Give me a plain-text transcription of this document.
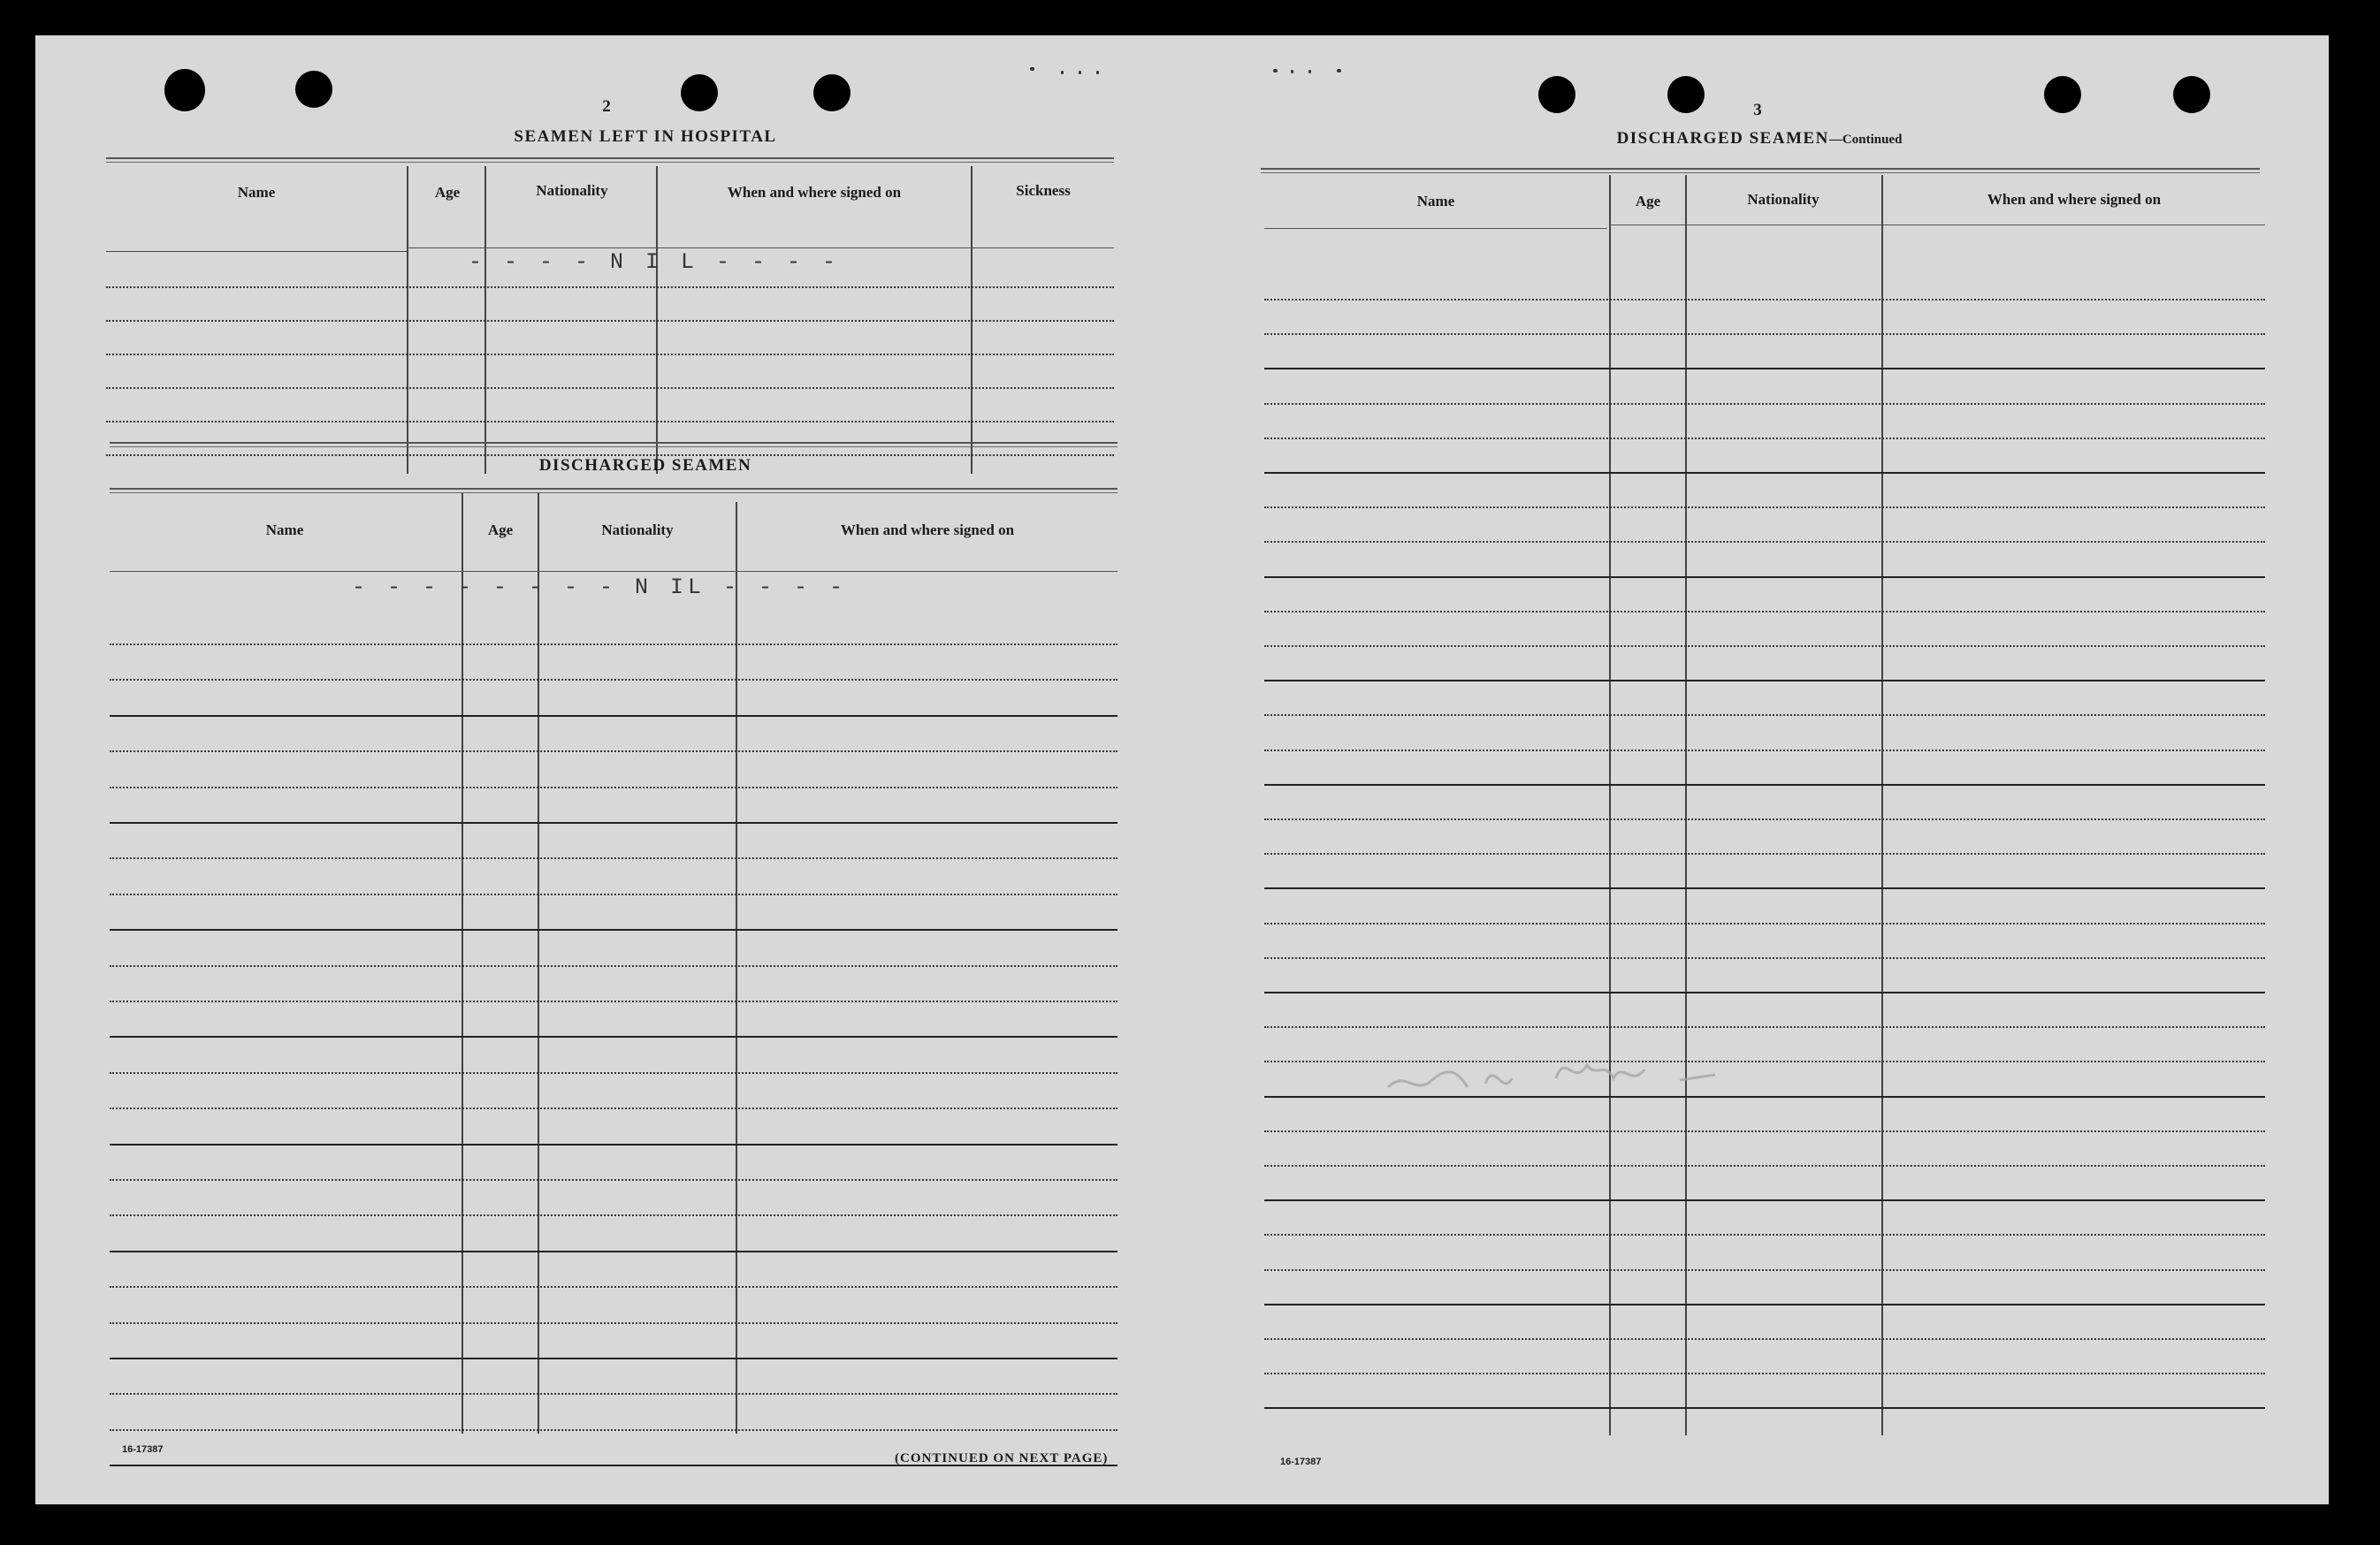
2
SEAMEN LEFT IN HOSPITAL
Name	Age	Nationality	When and where signed on	Sickness
- - - - N I L - - - -
DISCHARGED SEAMEN
Name	Age	Nationality	When and where signed on
- - - - - - - - N IL - - - -
16-17387
(CONTINUED ON NEXT PAGE)
3
DISCHARGED SEAMEN—Continued
Name	Age	Nationality	When and where signed on
16-17387
